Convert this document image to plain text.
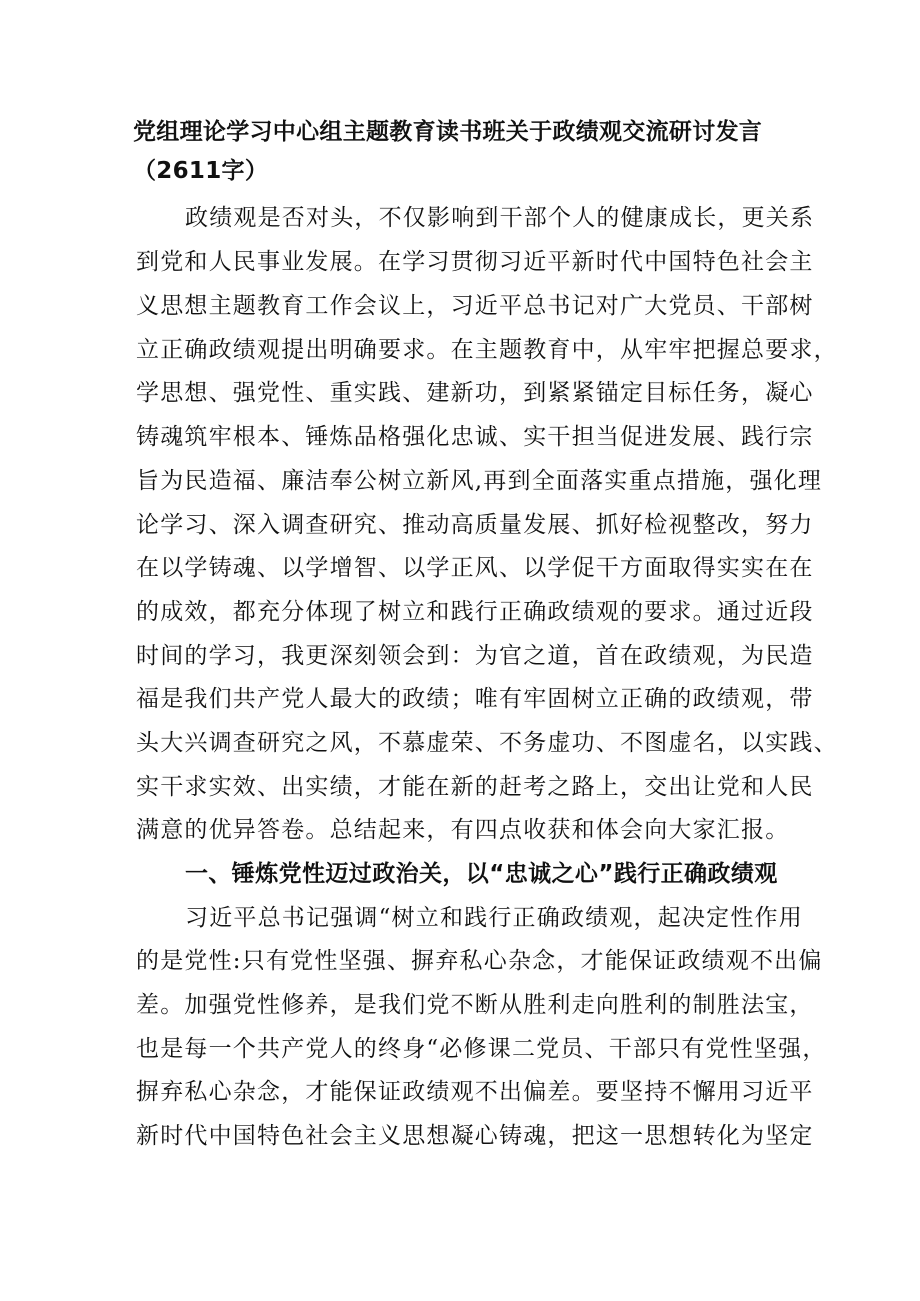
党组理论学习中心组主题教育读书班关于政绩观交流研讨发言（2611字）
政绩观是否对头，不仅影响到干部个人的健康成长，更关系
到党和人民事业发展。在学习贯彻习近平新时代中国特色社会主
义思想主题教育工作会议上，习近平总书记对广大党员、干部树
立正确政绩观提出明确要求。在主题教育中，从牢牢把握总要求，
学思想、强党性、重实践、建新功，到紧紧锚定目标任务，凝心
铸魂筑牢根本、锤炼品格强化忠诚、实干担当促进发展、践行宗
旨为民造福、廉洁奉公树立新风,再到全面落实重点措施，强化理
论学习、深入调查研究、推动高质量发展、抓好检视整改，努力
在以学铸魂、以学增智、以学正风、以学促干方面取得实实在在
的成效，都充分体现了树立和践行正确政绩观的要求。通过近段
时间的学习，我更深刻领会到：为官之道，首在政绩观，为民造
福是我们共产党人最大的政绩；唯有牢固树立正确的政绩观，带
头大兴调查研究之风，不慕虚荣、不务虚功、不图虚名，以实践、
实干求实效、出实绩，才能在新的赶考之路上，交出让党和人民
满意的优异答卷。总结起来，有四点收获和体会向大家汇报。
一、锤炼党性迈过政治关，以“忠诚之心”践行正确政绩观
习近平总书记强调“树立和践行正确政绩观，起决定性作用
的是党性:只有党性坚强、摒弃私心杂念，才能保证政绩观不出偏
差。加强党性修养，是我们党不断从胜利走向胜利的制胜法宝，
也是每一个共产党人的终身“必修课二党员、干部只有党性坚强，
摒弃私心杂念，才能保证政绩观不出偏差。要坚持不懈用习近平
新时代中国特色社会主义思想凝心铸魂，把这一思想转化为坚定
